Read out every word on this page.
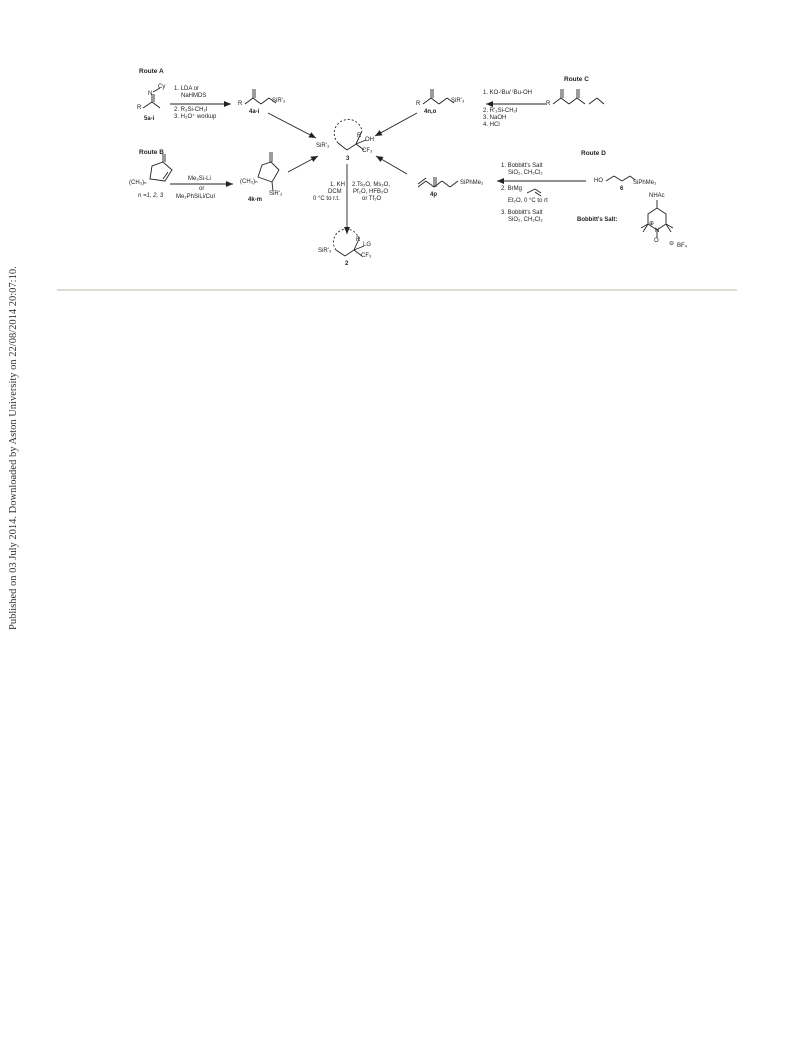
Published on 03 July 2014. Downloaded by Aston University on 22/08/2014 20:07:10.
Route A
Route B
Route C
Route D
Cy
N
R
5a-i
1. LDA or
NaHMDS
2. R₃Si-CH₂I
3. H₃O⁺ workup
R	SiR'₃
4a-i
(CH₃)ₙ
n =1, 2, 3
Me₃Si-Li
or
Me₂PhSiLi/CuI
(CH₃)ₙ
SiR'₃
4k-m
SiR'₃
R
OH
CF₃
3
1. KH
DCM
0 °C to r.t.
2.Ts₂O, Ms₂O,
Pf₂O, HFB₂O
or Tf₂O
SiR'₃
R
LG
CF₃
2
R	SiR'₃
4n,o
1. KO-ᵗBu/ ᵗBu-OH
2. R'₃Si-CH₂I
3. NaOH
4. HCl
R
SiPhMe₂
4p
1. Bobbitt's Salt
SiO₂, CH₂Cl₂
2. BrMg
Et₂O, 0 °C to rt
3. Bobbitt's Salt
SiO₂, CH₂Cl₂
HO	SiPhMe₂
6
Bobbitt's Salt:
NHAc
⊕
N
O ⊖ BF₄
